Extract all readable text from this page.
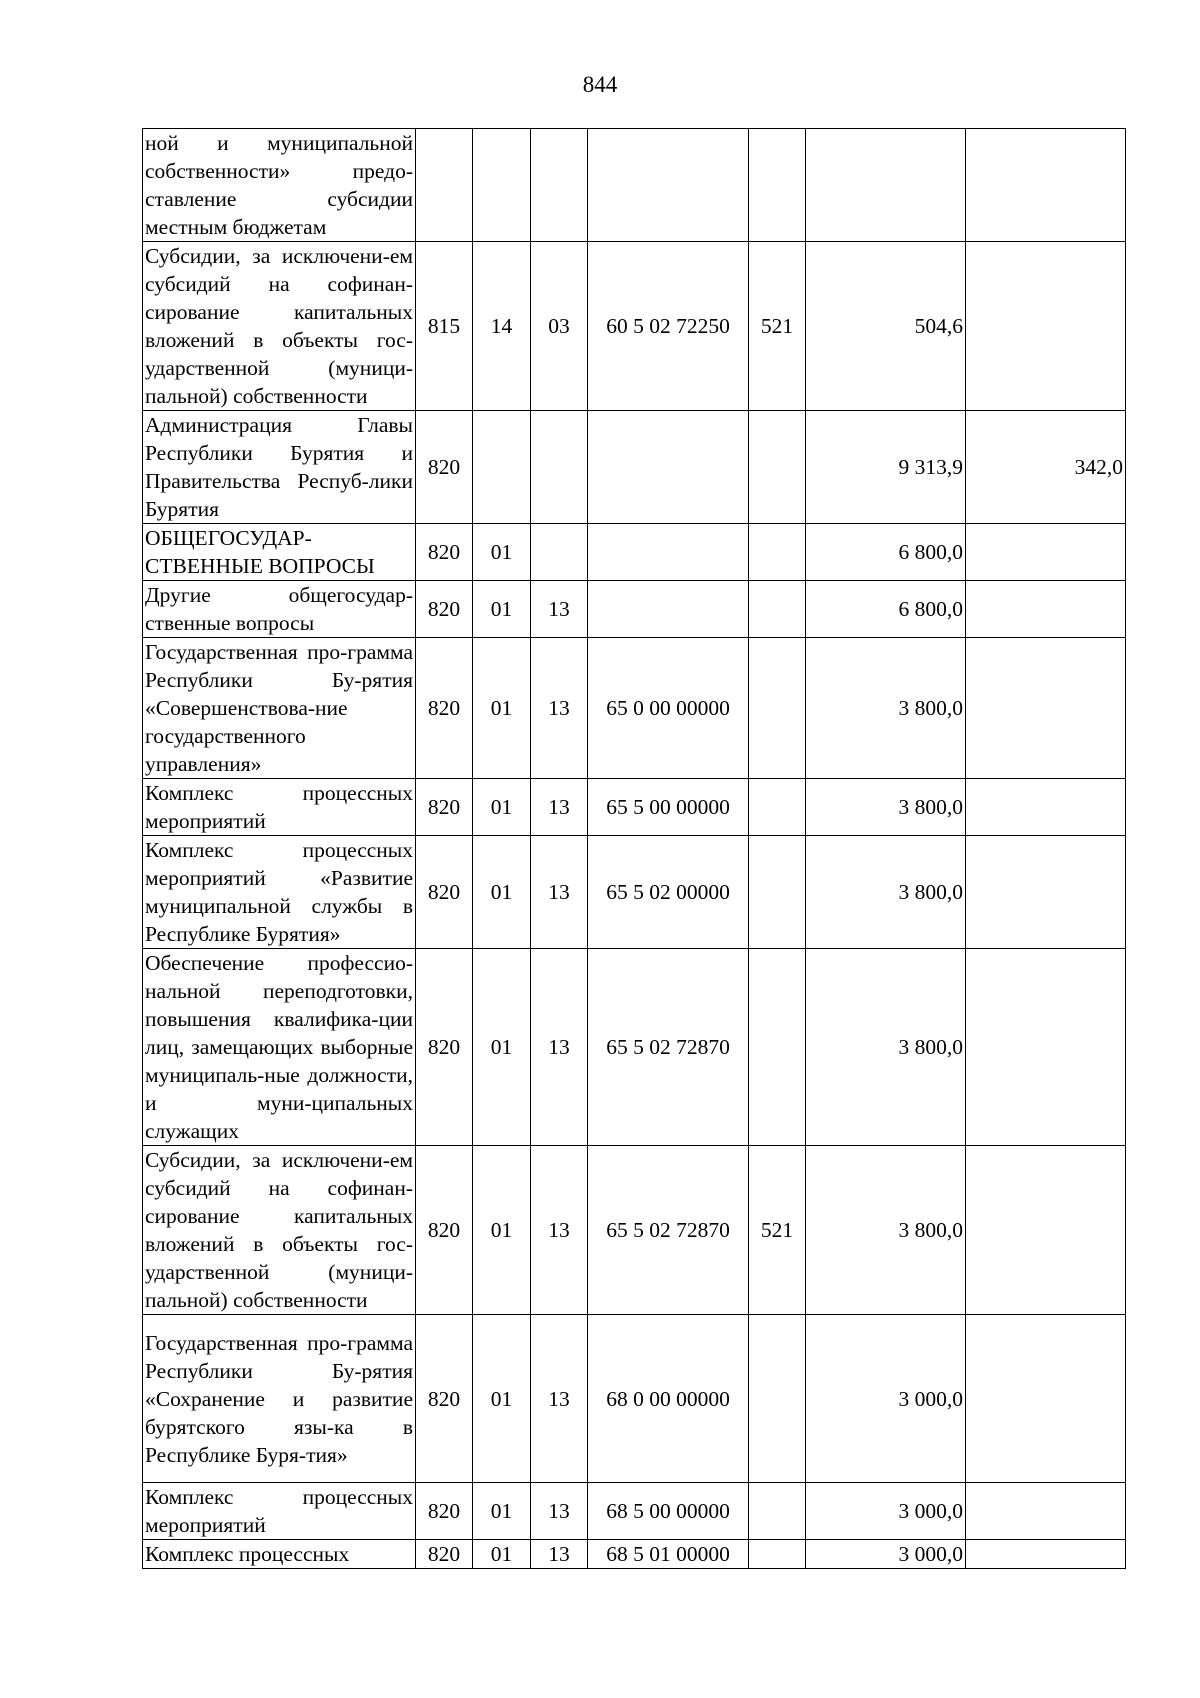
844
ной и муниципальной собственности» предо-ставление субсидии местным бюджетам							
Субсидии, за исключени-ем субсидий на софинан-сирование капитальных вложений в объекты гос-ударственной (муници-пальной) собственности	815	14	03	60 5 02 72250	521	504,6	
Администрация Главы Республики Бурятия и Правительства Респуб-лики Бурятия	820					9 313,9	342,0
ОБЩЕГОСУДАР-СТВЕННЫЕ ВОПРОСЫ	820	01				6 800,0	
Другие общегосудар-ственные вопросы	820	01	13			6 800,0	
Государственная про-грамма Республики Бу-рятия «Совершенствова-ние государственного управления»	820	01	13	65 0 00 00000		3 800,0	
Комплекс процессных мероприятий	820	01	13	65 5 00 00000		3 800,0	
Комплекс процессных мероприятий «Развитие муниципальной службы в Республике Бурятия»	820	01	13	65 5 02 00000		3 800,0	
Обеспечение профессио-нальной переподготовки, повышения квалифика-ции лиц, замещающих выборные муниципаль-ные должности, и муни-ципальных служащих	820	01	13	65 5 02 72870		3 800,0	
Субсидии, за исключени-ем субсидий на софинан-сирование капитальных вложений в объекты гос-ударственной (муници-пальной) собственности	820	01	13	65 5 02 72870	521	3 800,0	
Государственная про-грамма Республики Бу-рятия «Сохранение и развитие бурятского язы-ка в Республике Буря-тия»	820	01	13	68 0 00 00000		3 000,0	
Комплекс процессных мероприятий	820	01	13	68 5 00 00000		3 000,0	
Комплекс процессных	820	01	13	68 5 01 00000		3 000,0	
